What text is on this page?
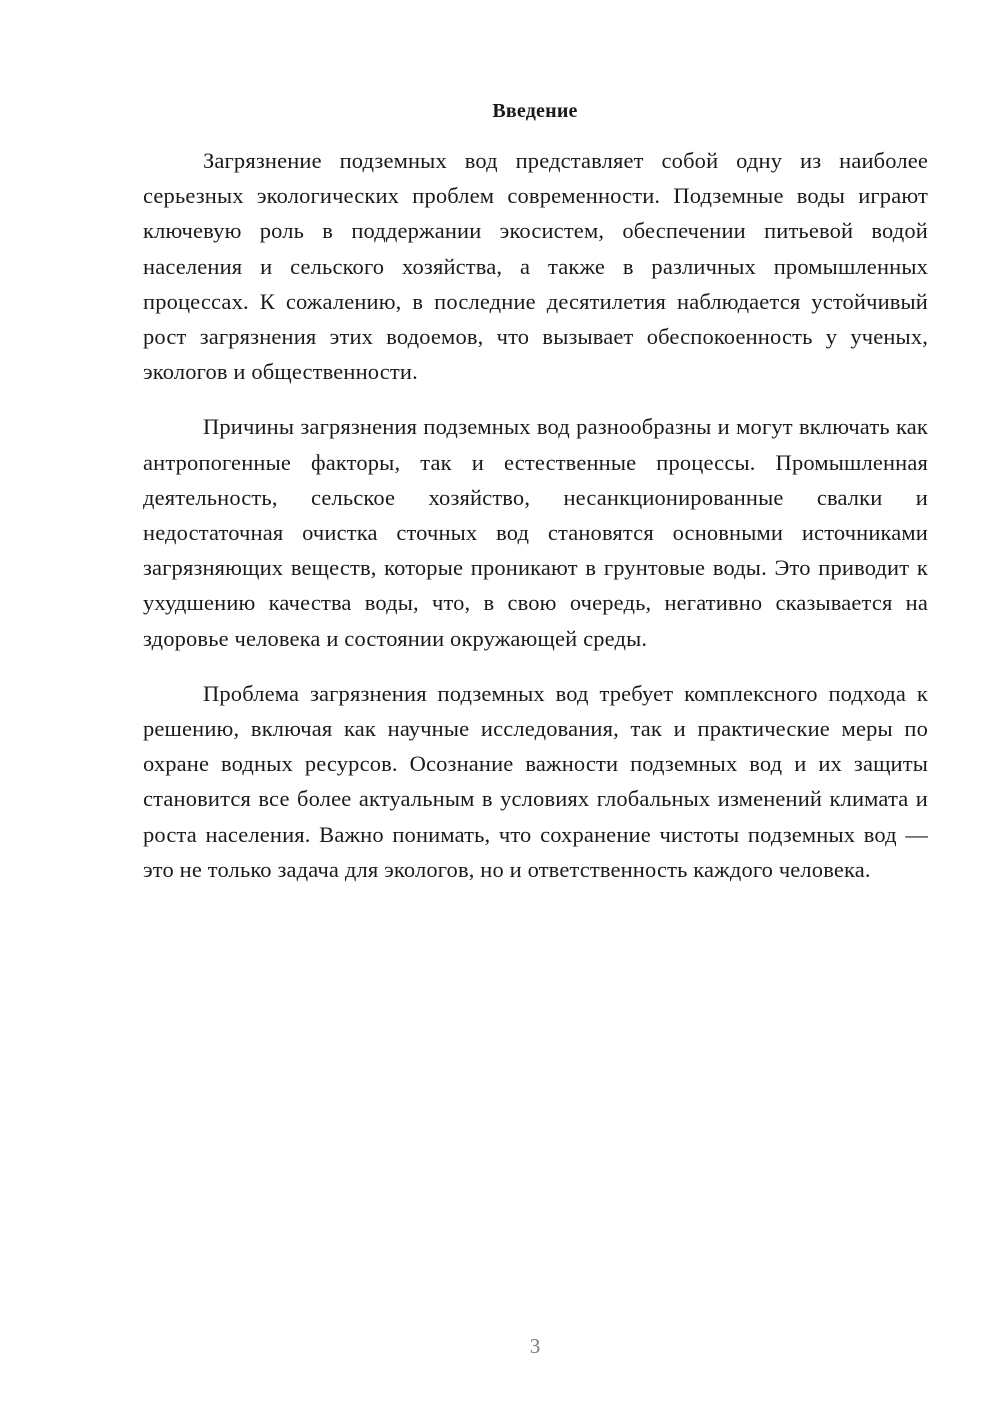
Введение

Загрязнение подземных вод представляет собой одну из наиболее серьезных экологических проблем современности. Подземные воды играют ключевую роль в поддержании экосистем, обеспечении питьевой водой населения и сельского хозяйства, а также в различных промышленных процессах. К сожалению, в последние десятилетия наблюдается устойчивый рост загрязнения этих водоемов, что вызывает обеспокоенность у ученых, экологов и общественности.

Причины загрязнения подземных вод разнообразны и могут включать как антропогенные факторы, так и естественные процессы. Промышленная деятельность, сельское хозяйство, несанкционированные свалки и недостаточная очистка сточных вод становятся основными источниками загрязняющих веществ, которые проникают в грунтовые воды. Это приводит к ухудшению качества воды, что, в свою очередь, негативно сказывается на здоровье человека и состоянии окружающей среды.

Проблема загрязнения подземных вод требует комплексного подхода к решению, включая как научные исследования, так и практические меры по охране водных ресурсов. Осознание важности подземных вод и их защиты становится все более актуальным в условиях глобальных изменений климата и роста населения. Важно понимать, что сохранение чистоты подземных вод — это не только задача для экологов, но и ответственность каждого человека.

3
